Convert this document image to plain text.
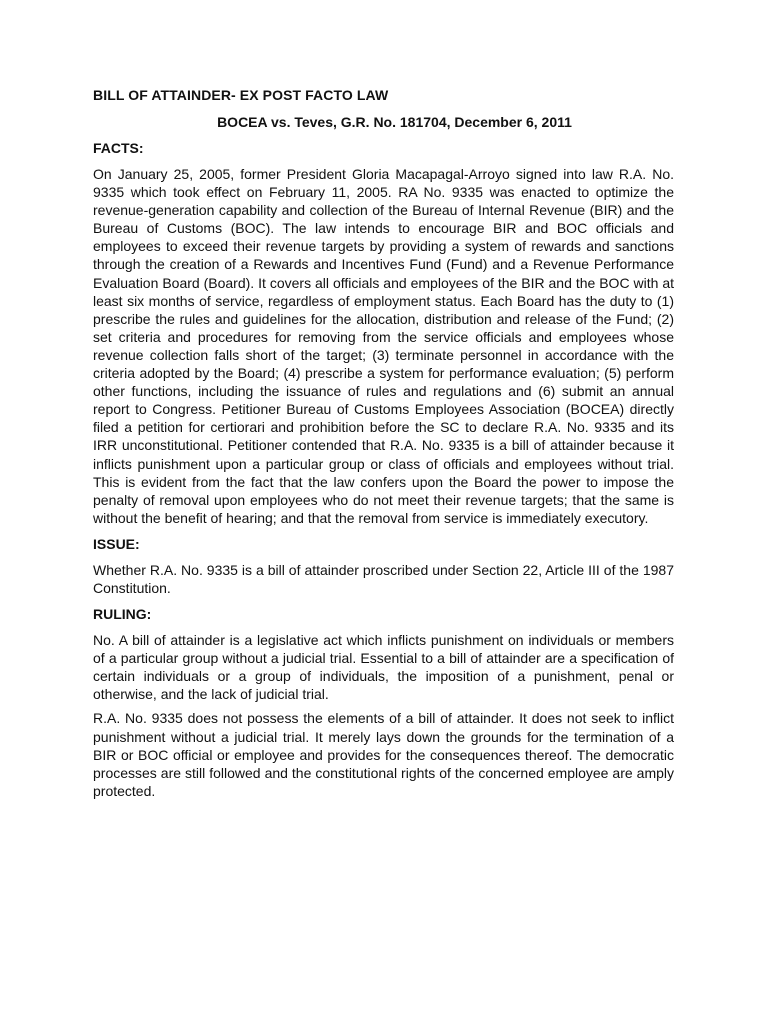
BILL OF ATTAINDER- EX POST FACTO LAW
BOCEA vs. Teves, G.R. No. 181704, December 6, 2011
FACTS:
On January 25, 2005, former President Gloria Macapagal-Arroyo signed into law R.A. No. 9335 which took effect on February 11, 2005. RA No. 9335 was enacted to optimize the revenue-generation capability and collection of the Bureau of Internal Revenue (BIR) and the Bureau of Customs (BOC). The law intends to encourage BIR and BOC officials and employees to exceed their revenue targets by providing a system of rewards and sanctions through the creation of a Rewards and Incentives Fund (Fund) and a Revenue Performance Evaluation Board (Board). It covers all officials and employees of the BIR and the BOC with at least six months of service, regardless of employment status. Each Board has the duty to (1) prescribe the rules and guidelines for the allocation, distribution and release of the Fund; (2) set criteria and procedures for removing from the service officials and employees whose revenue collection falls short of the target; (3) terminate personnel in accordance with the criteria adopted by the Board; (4) prescribe a system for performance evaluation; (5) perform other functions, including the issuance of rules and regulations and (6) submit an annual report to Congress. Petitioner Bureau of Customs Employees Association (BOCEA) directly filed a petition for certiorari and prohibition before the SC to declare R.A. No. 9335 and its IRR unconstitutional. Petitioner contended that R.A. No. 9335 is a bill of attainder because it inflicts punishment upon a particular group or class of officials and employees without trial. This is evident from the fact that the law confers upon the Board the power to impose the penalty of removal upon employees who do not meet their revenue targets; that the same is without the benefit of hearing; and that the removal from service is immediately executory.
ISSUE:
Whether R.A. No. 9335 is a bill of attainder proscribed under Section 22, Article III of the 1987 Constitution.
RULING:
No. A bill of attainder is a legislative act which inflicts punishment on individuals or members of a particular group without a judicial trial. Essential to a bill of attainder are a specification of certain individuals or a group of individuals, the imposition of a punishment, penal or otherwise, and the lack of judicial trial.
R.A. No. 9335 does not possess the elements of a bill of attainder. It does not seek to inflict punishment without a judicial trial. It merely lays down the grounds for the termination of a BIR or BOC official or employee and provides for the consequences thereof. The democratic processes are still followed and the constitutional rights of the concerned employee are amply protected.
